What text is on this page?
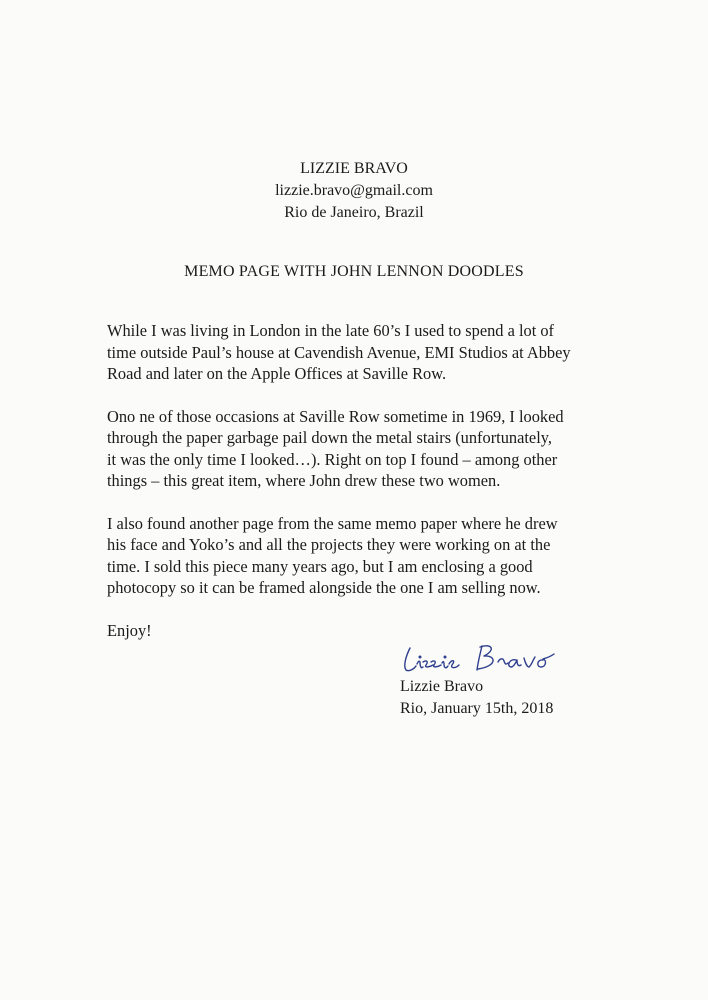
LIZZIE BRAVO
lizzie.bravo@gmail.com
Rio de Janeiro, Brazil
MEMO PAGE WITH JOHN LENNON DOODLES

While I was living in London in the late 60’s I used to spend a lot of
time outside Paul’s house at Cavendish Avenue, EMI Studios at Abbey
Road and later on the Apple Offices at Saville Row.

Ono ne of those occasions at Saville Row sometime in 1969, I looked
through the paper garbage pail down the metal stairs (unfortunately,
it was the only time I looked…). Right on top I found – among other
things – this great item, where John drew these two women.

I also found another page from the same memo paper where he drew
his face and Yoko’s and all the projects they were working on at the
time. I sold this piece many years ago, but I am enclosing a good
photocopy so it can be framed alongside the one I am selling now.

Enjoy!

Lizzie Bravo
Rio, January 15th, 2018
